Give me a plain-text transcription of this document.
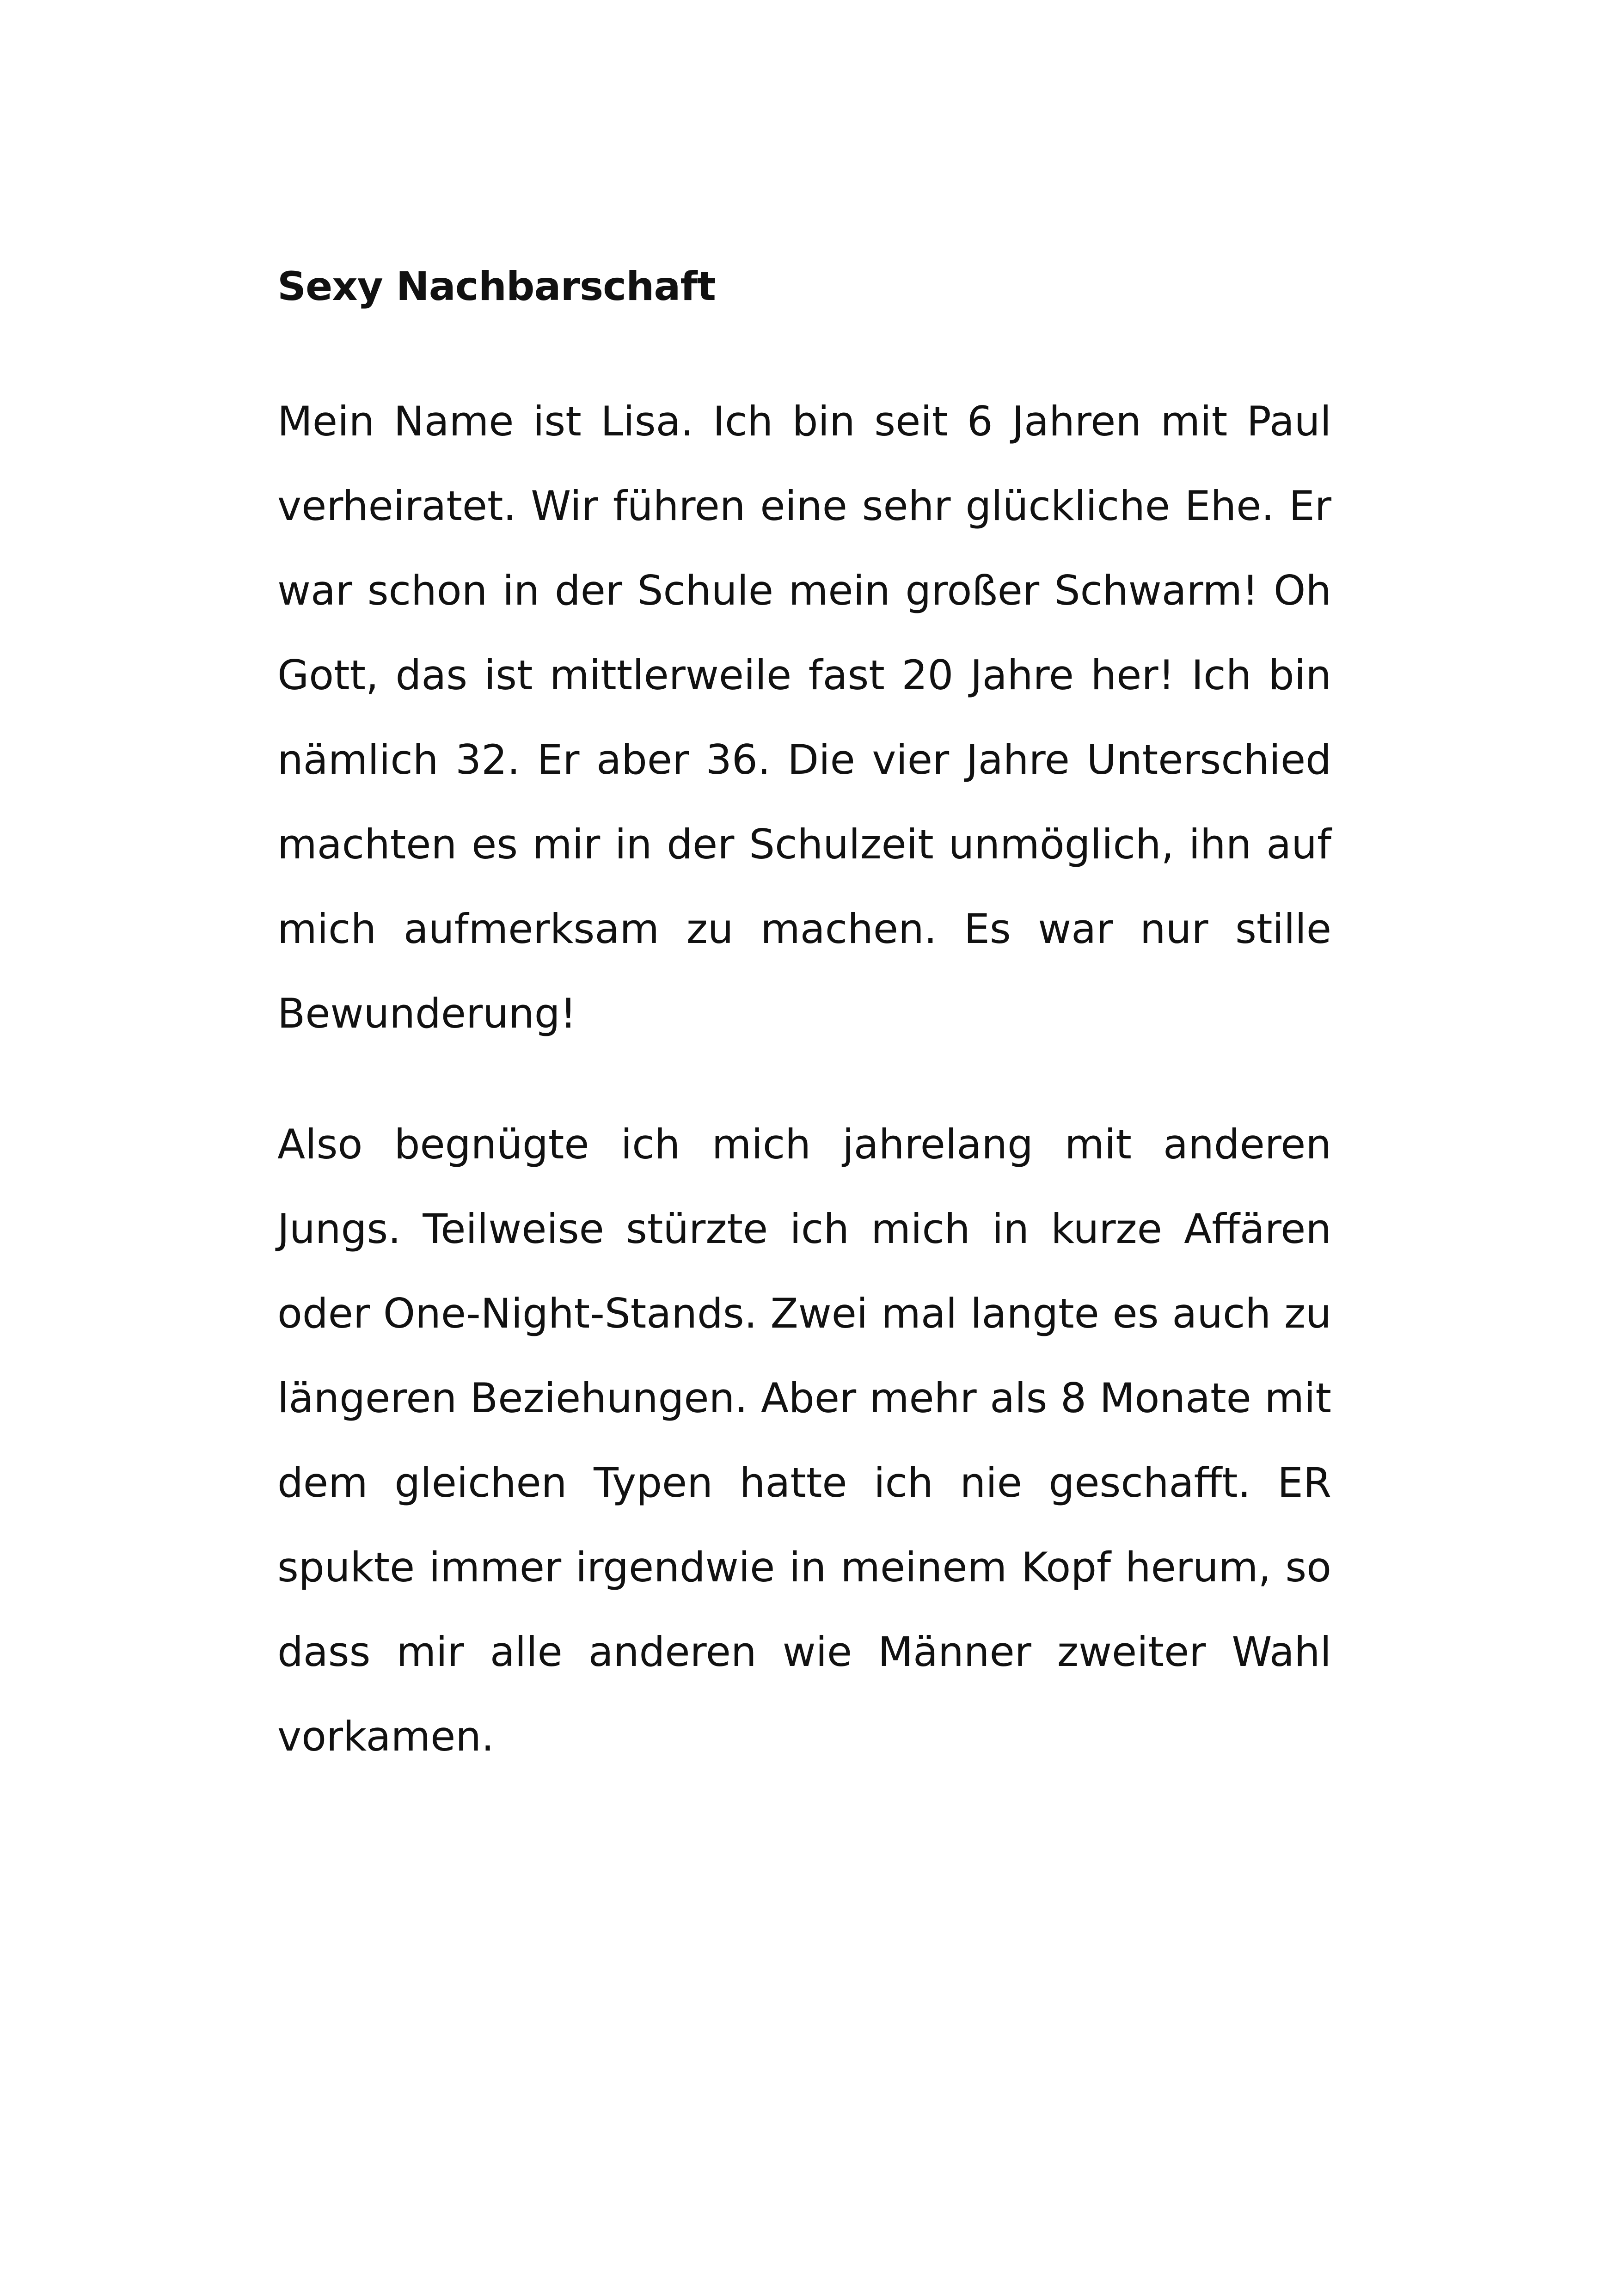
Sexy Nachbarschaft

Mein Name ist Lisa. Ich bin seit 6 Jahren mit Paul verheiratet. Wir führen eine sehr glückliche Ehe. Er war schon in der Schule mein großer Schwarm! Oh Gott, das ist mittlerweile fast 20 Jahre her! Ich bin nämlich 32. Er aber 36. Die vier Jahre Unterschied machten es mir in der Schulzeit unmöglich, ihn auf mich aufmerksam zu machen. Es war nur stille Bewunderung!

Also begnügte ich mich jahrelang mit anderen Jungs. Teilweise stürzte ich mich in kurze Affären oder One-Night-Stands. Zwei mal langte es auch zu längeren Beziehungen. Aber mehr als 8 Monate mit dem gleichen Typen hatte ich nie geschafft. ER spukte immer irgendwie in meinem Kopf herum, so dass mir alle anderen wie Männer zweiter Wahl vorkamen.
